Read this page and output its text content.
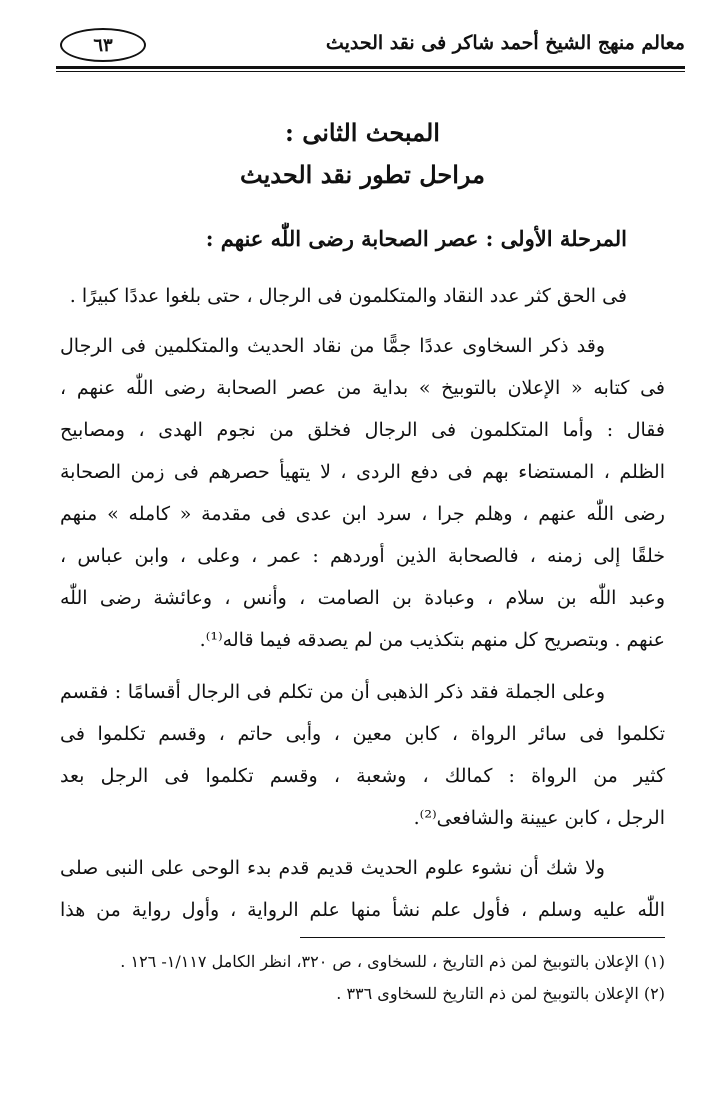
معالم منهج الشيخ أحمد شاكر فى نقد الحديث
٦٣
المبحث الثانى :
مراحل تطور نقد الحديث
المرحلة الأولى : عصر الصحابة رضى اللّٰه عنهم :
فى الحق كثر عدد النقاد والمتكلمون فى الرجال ، حتى بلغوا عددًا كبيرًا .
وقد ذكر السخاوى عددًا جمًّا من نقاد الحديث والمتكلمين فى الرجال
فى كتابه « الإعلان بالتوبيخ » بداية من عصر الصحابة رضى اللّٰه عنهم ،
فقال : وأما المتكلمون فى الرجال فخلق من نجوم الهدى ، ومصابيح
الظلم ، المستضاء بهم فى دفع الردى ، لا يتهيأ حصرهم فى زمن الصحابة
رضى اللّٰه عنهم ، وهلم جرا ، سرد ابن عدى فى مقدمة « كامله » منهم
خلقًا إلى زمنه ، فالصحابة الذين أوردهم : عمر ، وعلى ، وابن عباس ،
وعبد اللّٰه بن سلام ، وعبادة بن الصامت ، وأنس ، وعائشة رضى اللّٰه
عنهم . وبتصريح كل منهم بتكذيب من لم يصدقه فيما قاله⁽¹⁾.
وعلى الجملة فقد ذكر الذهبى أن من تكلم فى الرجال أقسامًا : فقسم
تكلموا فى سائر الرواة ، كابن معين ، وأبى حاتم ، وقسم تكلموا فى
كثير من الرواة : كمالك ، وشعبة ، وقسم تكلموا فى الرجل بعد
الرجل ، كابن عيينة والشافعى⁽²⁾.
ولا شك أن نشوء علوم الحديث قديم قدم بدء الوحى على النبى صلى
اللّٰه عليه وسلم ، فأول علم نشأ منها علم الرواية ، وأول رواية من هذا
(١) الإعلان بالتوبيخ لمن ذم التاريخ ، للسخاوى ، ص ٣٢٠، انظر الكامل ١/١١٧- ١٢٦ .
(٢) الإعلان بالتوبيخ لمن ذم التاريخ للسخاوى ٣٣٦ .
